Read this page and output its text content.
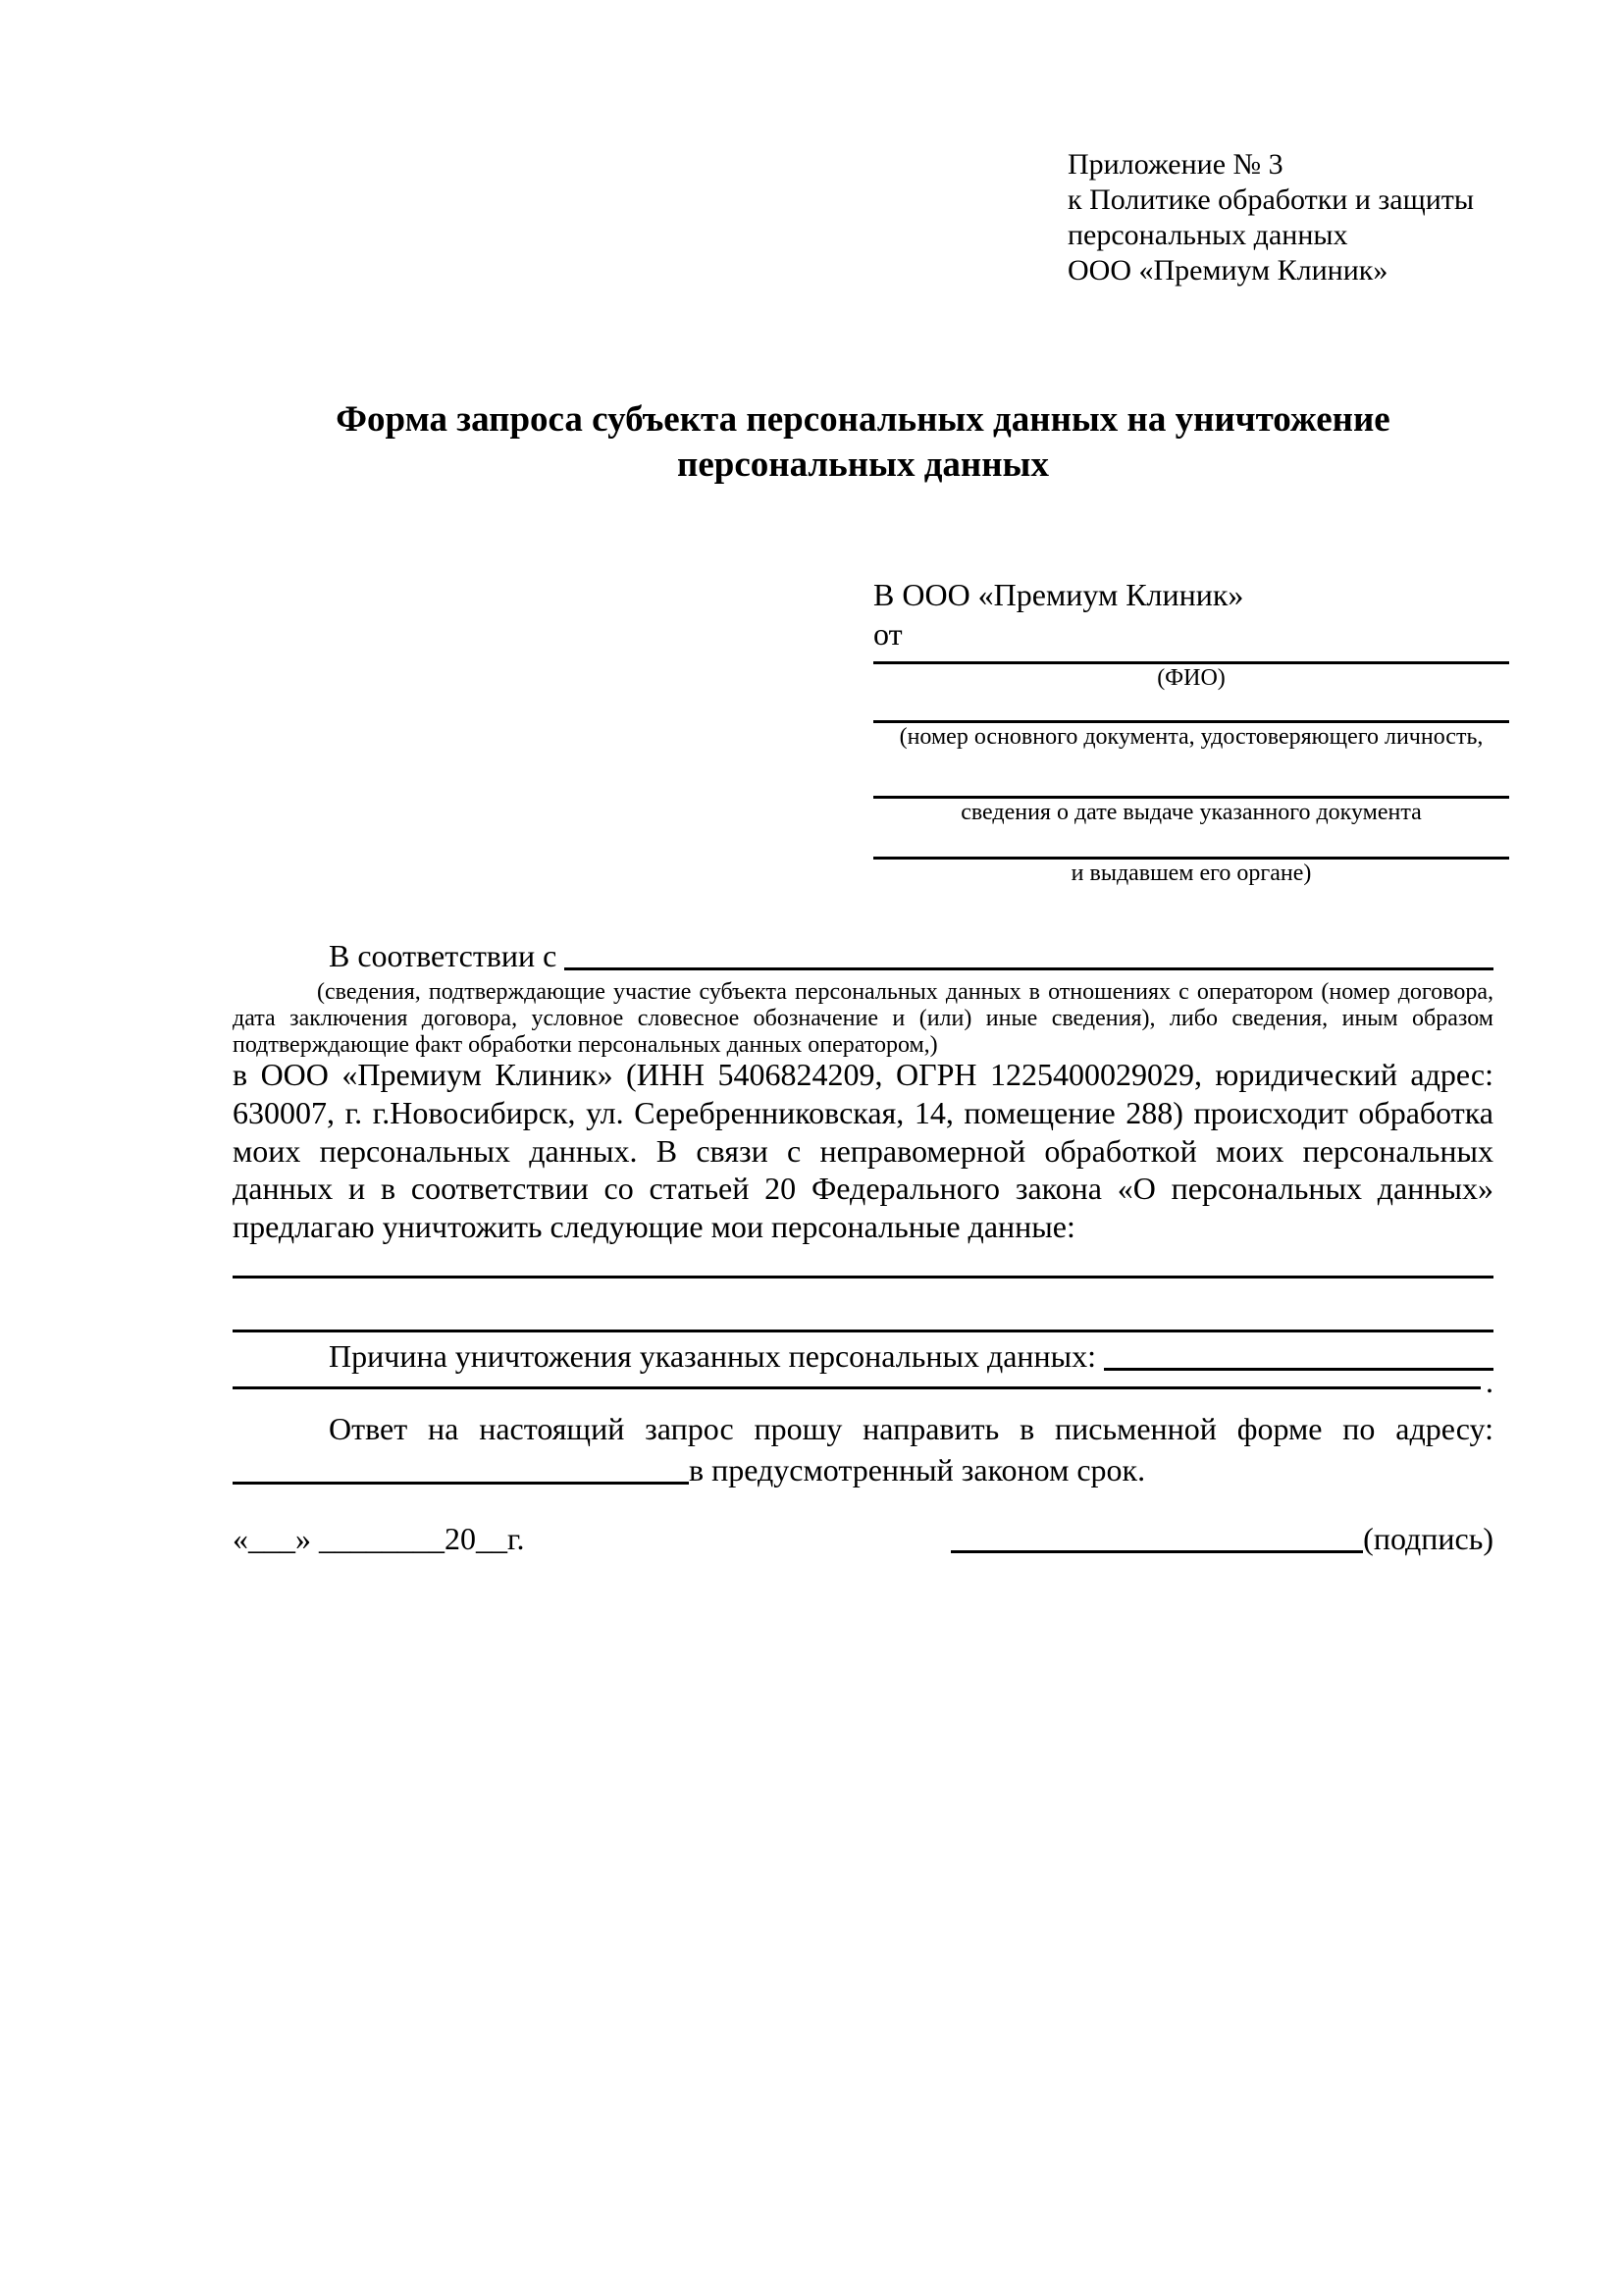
Приложение № 3
к Политике обработки и защиты
персональных данных
ООО «Премиум Клиник»
Форма запроса субъекта персональных данных на уничтожение персональных данных
В ООО «Премиум Клиник»
от
(ФИО)
(номер основного документа, удостоверяющего личность,
сведения о дате выдаче указанного документа
и выдавшем его органе)
В соответствии с
(сведения, подтверждающие участие субъекта персональных данных в отношениях с оператором (номер договора, дата заключения договора, условное словесное обозначение и (или) иные сведения), либо сведения, иным образом подтверждающие факт обработки персональных данных оператором,)
в ООО «Премиум Клиник» (ИНН 5406824209, ОГРН 1225400029029, юридический адрес: 630007, г. г.Новосибирск, ул. Серебренниковская, 14, помещение 288) происходит обработка моих персональных данных. В связи с неправомерной обработкой моих персональных данных и в соответствии со статьей 20 Федерального закона «О персональных данных» предлагаю уничтожить следующие мои персональные данные:
Причина уничтожения указанных персональных данных:
.
Ответ на настоящий запрос прошу направить в письменной форме по адресу:
в предусмотренный законом срок.
«___» ________20__г.	(подпись)
